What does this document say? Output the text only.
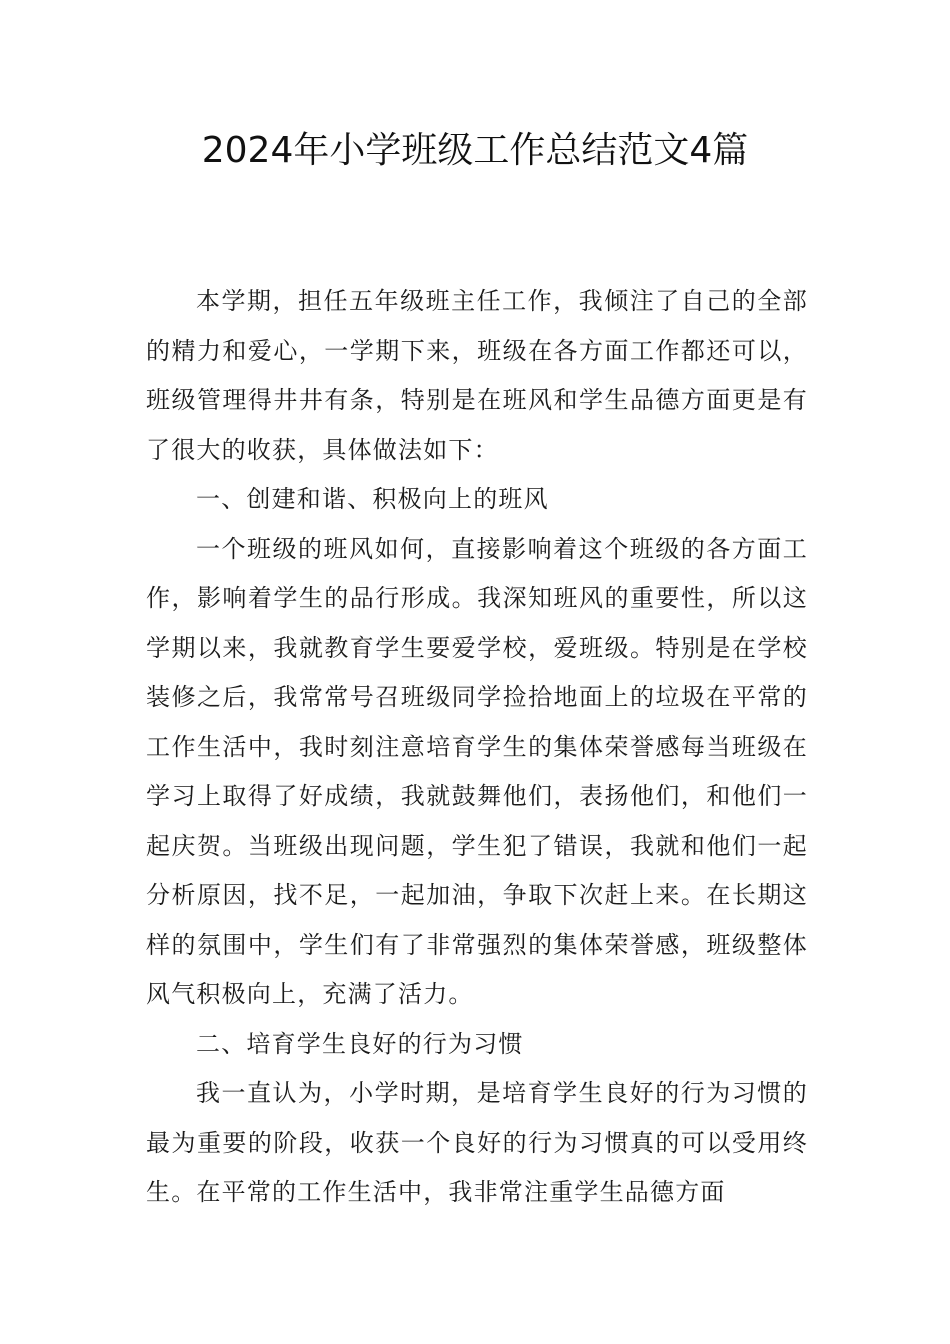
2024年小学班级工作总结范文4篇

本学期，担任五年级班主任工作，我倾注了自己的全部的精力和爱心，一学期下来，班级在各方面工作都还可以，班级管理得井井有条，特别是在班风和学生品德方面更是有了很大的收获，具体做法如下：

一、创建和谐、积极向上的班风

一个班级的班风如何，直接影响着这个班级的各方面工作，影响着学生的品行形成。我深知班风的重要性，所以这学期以来，我就教育学生要爱学校，爱班级。特别是在学校装修之后，我常常号召班级同学捡拾地面上的垃圾在平常的工作生活中，我时刻注意培育学生的集体荣誉感每当班级在学习上取得了好成绩，我就鼓舞他们，表扬他们，和他们一起庆贺。当班级出现问题，学生犯了错误，我就和他们一起分析原因，找不足，一起加油，争取下次赶上来。在长期这样的氛围中，学生们有了非常强烈的集体荣誉感，班级整体风气积极向上，充满了活力。

二、培育学生良好的行为习惯

我一直认为，小学时期，是培育学生良好的行为习惯的最为重要的阶段，收获一个良好的行为习惯真的可以受用终生。在平常的工作生活中，我非常注重学生品德方面
